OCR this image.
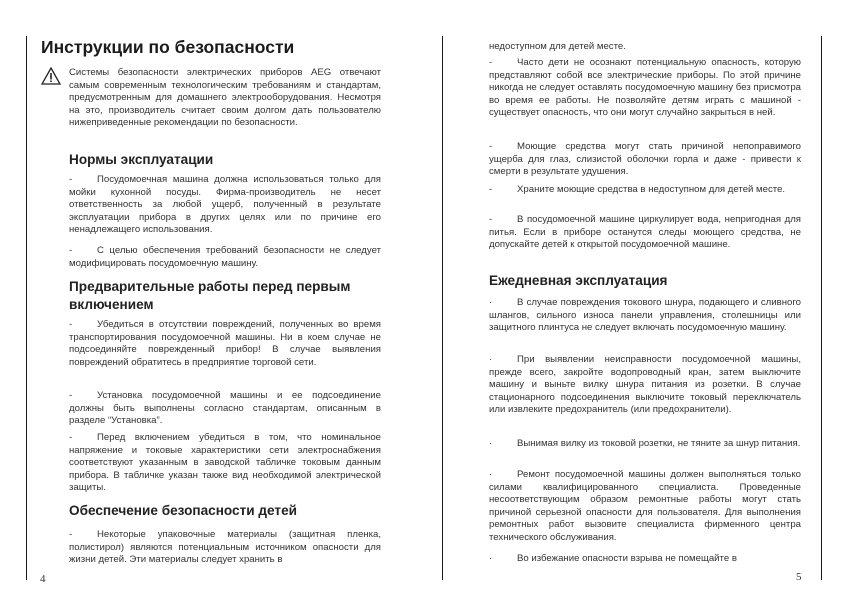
Инструкции по безопасности
Системы безопасности электрических приборов AEG отвечают самым современным технологическим требованиям и стандартам, предусмотренным для домашнего электрооборудования. Несмотря на это, производитель считает своим долгом дать пользователю нижеприведенные рекомендации по безопасности.
Нормы эксплуатации
-	Посудомоечная машина должна использоваться только для мойки кухонной посуды. Фирма-производитель не несет ответственность за любой ущерб, полученный в результате эксплуатации прибора в других целях или по причине его ненадлежащего использования.
-	С целью обеспечения требований безопасности не следует модифицировать посудомоечную машину.
Предварительные работы перед первым включением
-	Убедиться в отсутствии повреждений, полученных во время транспортирования посудомоечной машины. Ни в коем случае не подсоединяйте поврежденный прибор! В случае выявления повреждений обратитесь в предприятие торговой сети.
-	Установка посудомоечной машины и ее подсоединение должны быть выполнены согласно стандартам, описанным в разделе “Установка”.
-	Перед включением убедиться в том, что номинальное напряжение и токовые характеристики сети электроснабжения соответствуют указанным в заводской табличке токовым данным прибора. В табличке указан также вид необходимой электрической защиты.
Обеспечение безопасности детей
-	Некоторые упаковочные материалы (защитная пленка, полистирол) являются потенциальным источником опасности для жизни детей. Эти материалы следует хранить в
4
недоступном для детей месте.
-	Часто дети не осознают потенциальную опасность, которую представляют собой все электрические приборы. По этой причине никогда не следует оставлять посудомоечную машину без присмотра во время ее работы. Не позволяйте детям играть с машиной - существует опасность, что они могут случайно закрыться в ней.
-	Моющие средства могут стать причиной непоправимого ущерба для глаз, слизистой оболочки горла и даже - привести к смерти в результате удушения.
-	Храните моющие средства в недоступном для детей месте.
-	В посудомоечной машине циркулирует вода, непригодная для питья. Если в приборе останутся следы моющего средства, не допускайте детей к открытой посудомоечной машине.
Ежедневная эксплуатация
·	В случае повреждения токового шнура, подающего и сливного шлангов, сильного износа панели управления, столешницы или защитного плинтуса не следует включать посудомоечную машину.
·	При выявлении неисправности посудомоечной машины, прежде всего, закройте водопроводный кран, затем выключите машину и выньте вилку шнура питания из розетки. В случае стационарного подсоединения выключите токовый переключатель или извлеките предохранитель (или предохранители).
·	Вынимая вилку из токовой розетки, не тяните за шнур питания.
·	Ремонт посудомоечной машины должен выполняться только силами квалифицированного специалиста. Проведенные несоответствующим образом ремонтные работы могут стать причиной серьезной опасности для пользователя. Для выполнения ремонтных работ вызовите специалиста фирменного центра технического обслуживания.
·	Во избежание опасности взрыва не помещайте в
5
